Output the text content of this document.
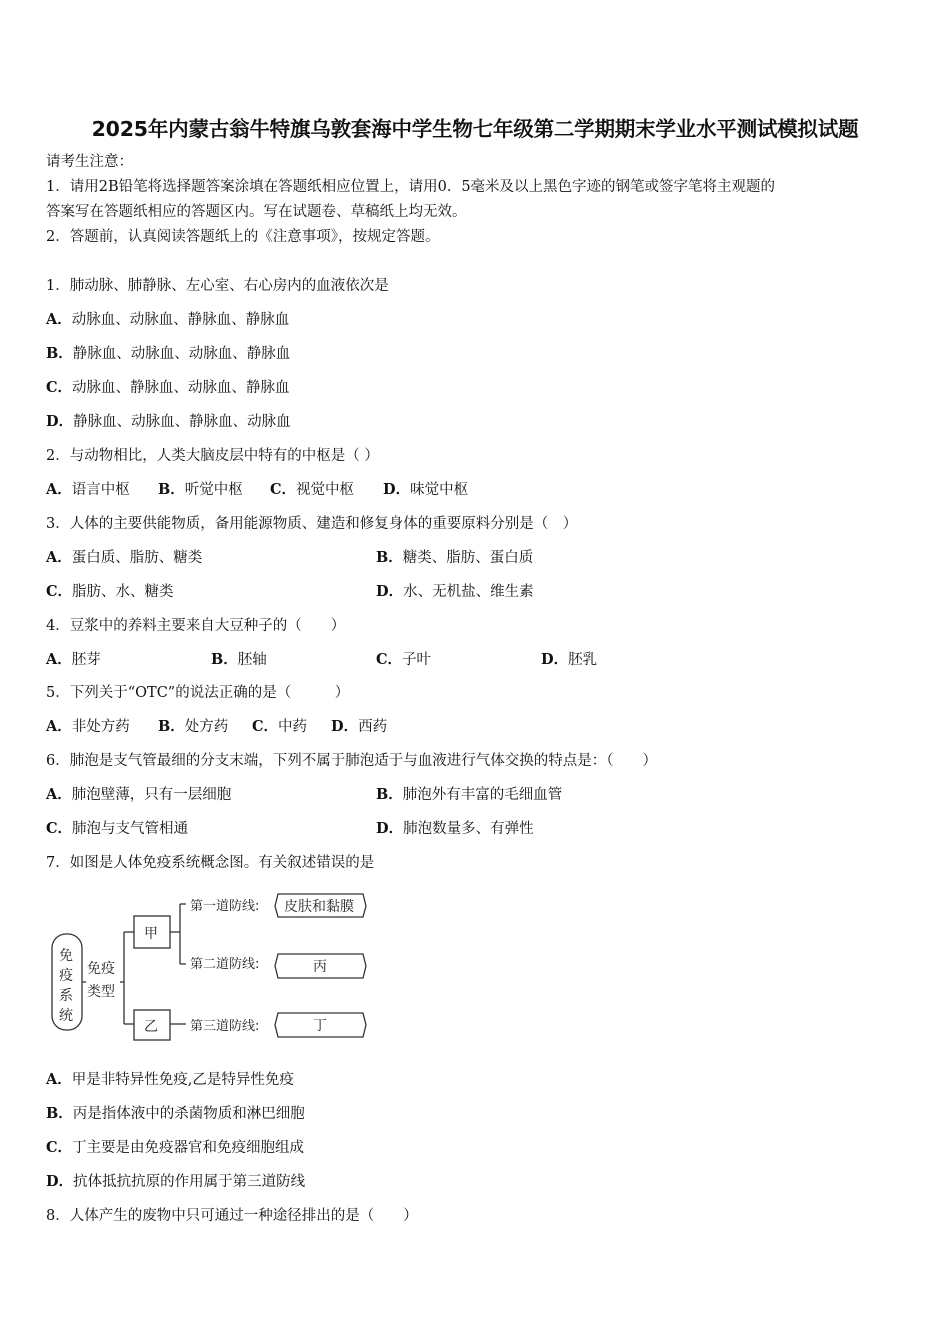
2025年内蒙古翁牛特旗乌敦套海中学生物七年级第二学期期末学业水平测试模拟试题
请考生注意：
1．请用2B铅笔将选择题答案涂填在答题纸相应位置上，请用0．5毫米及以上黑色字迹的钢笔或签字笔将主观题的
答案写在答题纸相应的答题区内。写在试题卷、草稿纸上均无效。
2．答题前，认真阅读答题纸上的《注意事项》，按规定答题。
1．肺动脉、肺静脉、左心室、右心房内的血液依次是
A．动脉血、动脉血、静脉血、静脉血
B．静脉血、动脉血、动脉血、静脉血
C．动脉血、静脉血、动脉血、静脉血
D．静脉血、动脉血、静脉血、动脉血
2．与动物相比，人类大脑皮层中特有的中枢是（ ）
A．语言中枢 B．听觉中枢 C．视觉中枢 D．味觉中枢
3．人体的主要供能物质，备用能源物质、建造和修复身体的重要原料分别是（　）
A．蛋白质、脂肪、糖类	B．糖类、脂肪、蛋白质
C．脂肪、水、糖类	D．水、无机盐、维生素
4．豆浆中的养料主要来自大豆种子的（　　）
A．胚芽	B．胚轴	C．子叶	D．胚乳
5．下列关于“OTC”的说法正确的是（　　　）
A．非处方药 B．处方药 C．中药 D．西药
6．肺泡是支气管最细的分支末端，下列不属于肺泡适于与血液进行气体交换的特点是：（　　）
A．肺泡壁薄，只有一层细胞	B．肺泡外有丰富的毛细血管
C．肺泡与支气管相通	D．肺泡数量多、有弹性
7．如图是人体免疫系统概念图。有关叙述错误的是
免
疫
系
统
免疫
类型
甲
乙
第一道防线:
第二道防线:
第三道防线:
皮肤和黏膜
丙
丁
A．甲是非特异性免疫,乙是特异性免疫
B．丙是指体液中的杀菌物质和淋巴细胞
C．丁主要是由免疫器官和免疫细胞组成
D．抗体抵抗抗原的作用属于第三道防线
8．人体产生的废物中只可通过一种途径排出的是（　　）
